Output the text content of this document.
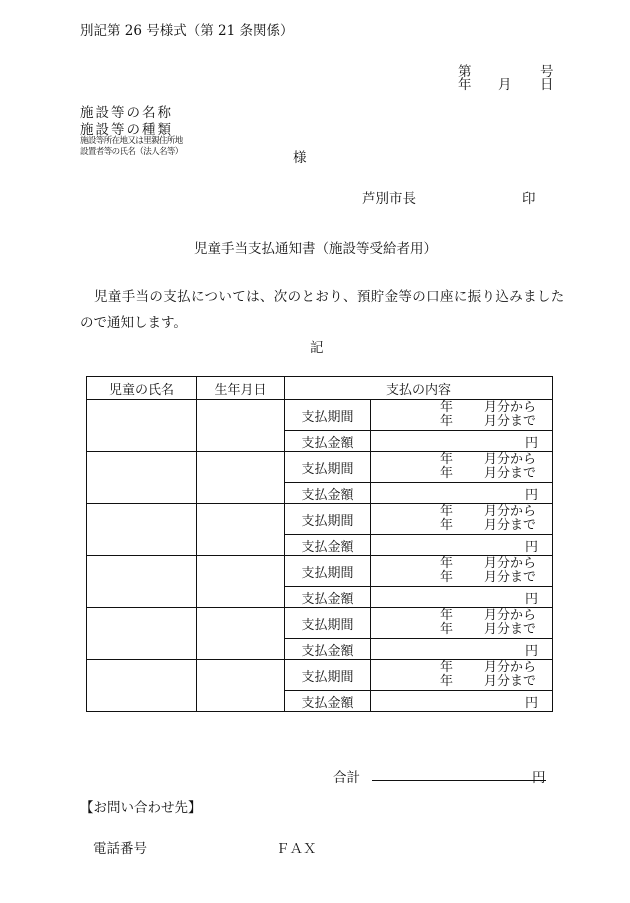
別記第 26 号様式（第 21 条関係）
第	号
年 月 日
施設等の名称
施設等の種類
施設等所在地又は里親住所地
設置者等の氏名（法人名等）	様
芦別市長	印
児童手当支払通知書（施設等受給者用）
児童手当の支払については、次のとおり、預貯金等の口座に振り込みました
ので通知します。
記
児童の氏名	生年月日	支払の内容	
		支払期間	年 月分から
年 月分まで

		支払金額	円
		支払期間	年 月分から
年 月分まで

		支払金額	円
		支払期間	年 月分から
年 月分まで

		支払金額	円
		支払期間	年 月分から
年 月分まで

		支払金額	円
		支払期間	年 月分から
年 月分まで

		支払金額	円
		支払期間	年 月分から
年 月分まで

		支払金額	円
合計	円
【お問い合わせ先】
電話番号	ＦＡＸ
